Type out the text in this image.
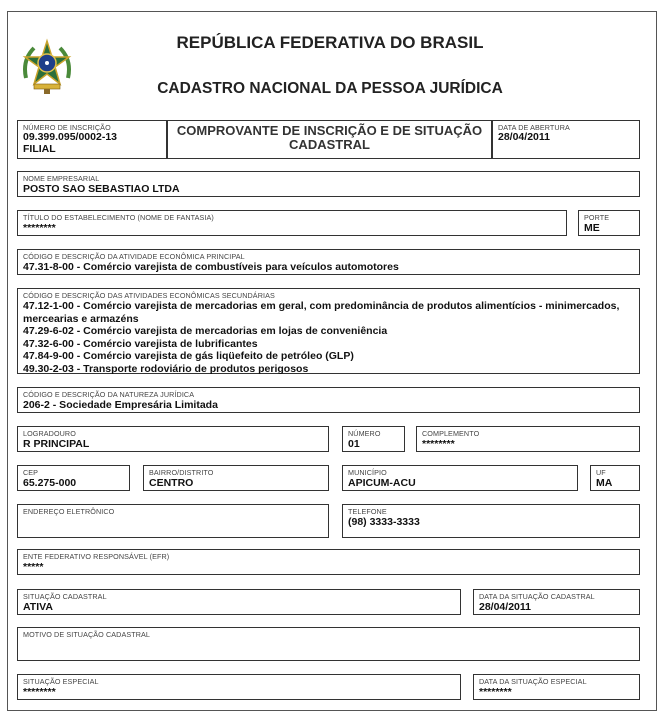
REPÚBLICA FEDERATIVA DO BRASIL
CADASTRO NACIONAL DA PESSOA JURÍDICA
NÚMERO DE INSCRIÇÃO
09.399.095/0002-13
FILIAL
COMPROVANTE DE INSCRIÇÃO E DE SITUAÇÃO CADASTRAL
DATA DE ABERTURA
28/04/2011
NOME EMPRESARIAL
POSTO SAO SEBASTIAO LTDA
TÍTULO DO ESTABELECIMENTO (NOME DE FANTASIA)
********
PORTE
ME
CÓDIGO E DESCRIÇÃO DA ATIVIDADE ECONÔMICA PRINCIPAL
47.31-8-00 - Comércio varejista de combustíveis para veículos automotores
CÓDIGO E DESCRIÇÃO DAS ATIVIDADES ECONÔMICAS SECUNDÁRIAS
47.12-1-00 - Comércio varejista de mercadorias em geral, com predominância de produtos alimentícios - minimercados, mercearias e armazéns
47.29-6-02 - Comércio varejista de mercadorias em lojas de conveniência
47.32-6-00 - Comércio varejista de lubrificantes
47.84-9-00 - Comércio varejista de gás liqüefeito de petróleo (GLP)
49.30-2-03 - Transporte rodoviário de produtos perigosos
CÓDIGO E DESCRIÇÃO DA NATUREZA JURÍDICA
206-2 - Sociedade Empresária Limitada
LOGRADOURO
R PRINCIPAL
NÚMERO
01
COMPLEMENTO
********
CEP
65.275-000
BAIRRO/DISTRITO
CENTRO
MUNICÍPIO
APICUM-ACU
UF
MA
ENDEREÇO ELETRÔNICO	TELEFONE
(98) 3333-3333
ENTE FEDERATIVO RESPONSÁVEL (EFR)
*****
SITUAÇÃO CADASTRAL
ATIVA
DATA DA SITUAÇÃO CADASTRAL
28/04/2011
MOTIVO DE SITUAÇÃO CADASTRAL
SITUAÇÃO ESPECIAL
********
DATA DA SITUAÇÃO ESPECIAL
********
